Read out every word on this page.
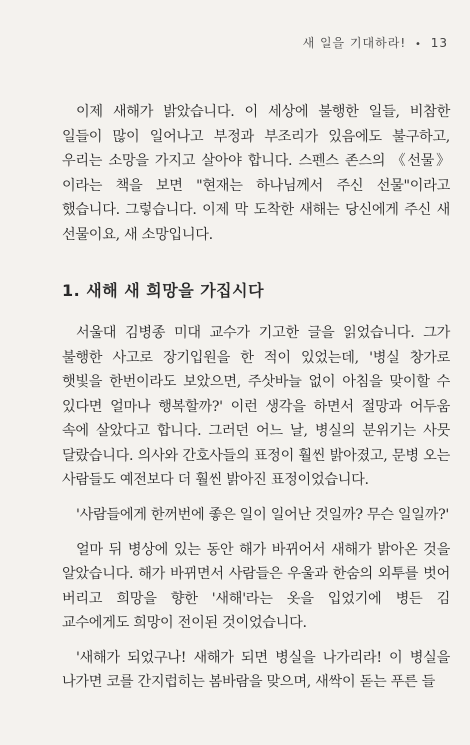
새 일을 기대하라! • 13

이제 새해가 밝았습니다. 이 세상에 불행한 일들, 비참한 일들이 많이 일어나고 부정과 부조리가 있음에도 불구하고, 우리는 소망을 가지고 살아야 합니다. 스펜스 존스의 《선물》이라는 책을 보면 "현재는 하나님께서 주신 선물"이라고 했습니다. 그렇습니다. 이제 막 도착한 새해는 당신에게 주신 새 선물이요, 새 소망입니다.

1. 새해 새 희망을 가집시다

서울대 김병종 미대 교수가 기고한 글을 읽었습니다. 그가 불행한 사고로 장기입원을 한 적이 있었는데, '병실 창가로 햇빛을 한번이라도 보았으면, 주삿바늘 없이 아침을 맞이할 수 있다면 얼마나 행복할까?' 이런 생각을 하면서 절망과 어두움 속에 살았다고 합니다. 그러던 어느 날, 병실의 분위기는 사뭇 달랐습니다. 의사와 간호사들의 표정이 훨씬 밝아졌고, 문병 오는 사람들도 예전보다 더 훨씬 밝아진 표정이었습니다.

'사람들에게 한꺼번에 좋은 일이 일어난 것일까? 무슨 일일까?'

얼마 뒤 병상에 있는 동안 해가 바뀌어서 새해가 밝아온 것을 알았습니다. 해가 바뀌면서 사람들은 우울과 한숨의 외투를 벗어 버리고 희망을 향한 '새해'라는 옷을 입었기에 병든 김 교수에게도 희망이 전이된 것이었습니다.

'새해가 되었구나! 새해가 되면 병실을 나가리라! 이 병실을 나가면 코를 간지럽히는 봄바람을 맞으며, 새싹이 돋는 푸른 들
